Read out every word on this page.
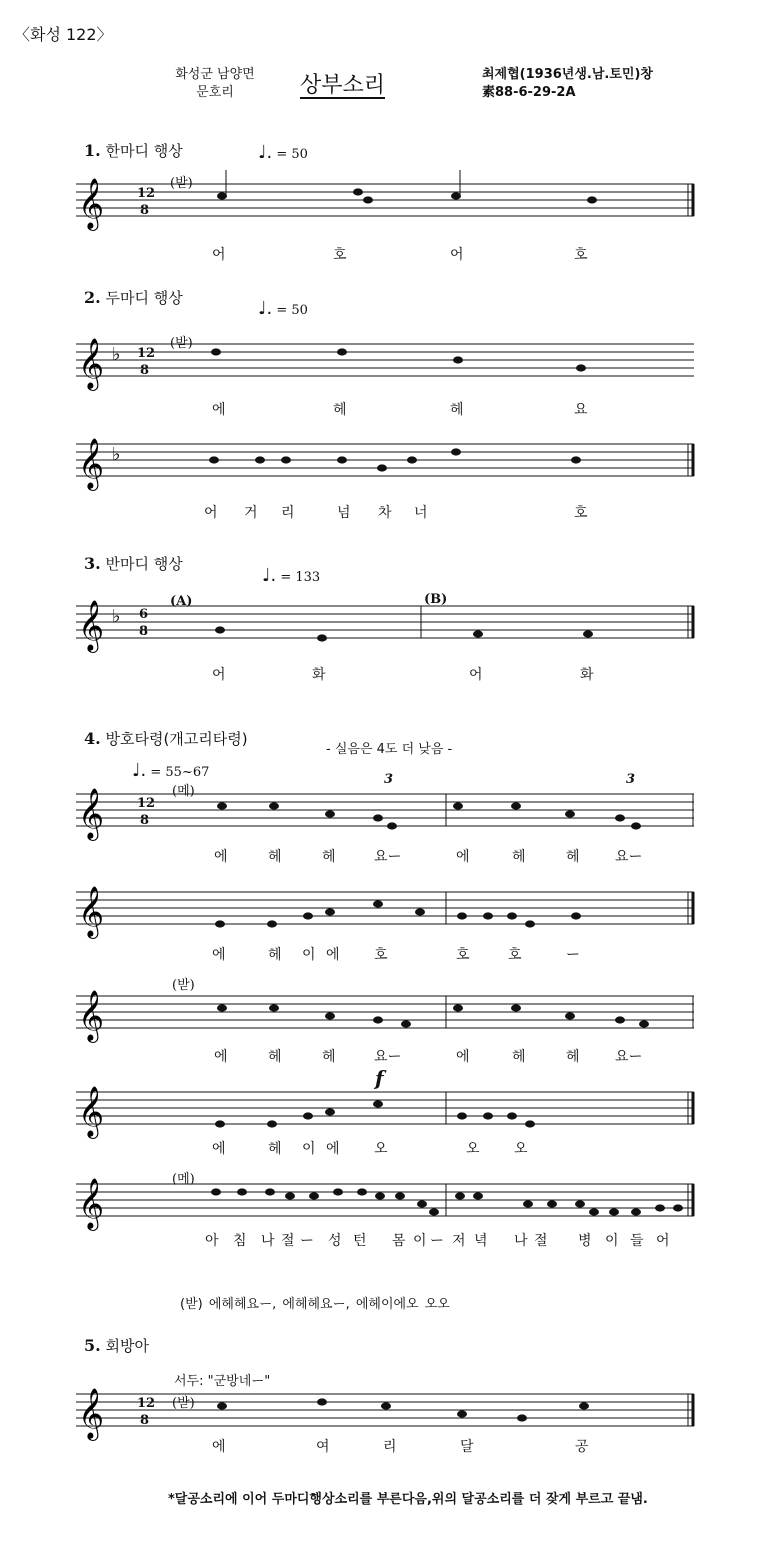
〈화성 122〉
화성군 남양면
문호리	상부소리	최제협(1936년생.남.토민)창
素88-6-29-2A
1. 한마디 행상	♩. = 50
(받)
𝄞	12
8
어	호	어	호
2. 두마디 행상	♩. = 50
(받)
𝄞 ♭ 12
8
에	헤	헤	요
𝄞 ♭
어 거 리	넘 차 너	호
3. 반마디 행상
♩. = 133
(A)	(B)
𝄞 ♭ 6
8
어	화	어	화
4. 방호타령(개고리타령)
- 실음은 4도 더 낮음 -
♩. = 55~67
(메)
3	3
𝄞	12
8
에	헤	헤	요ー	에	헤	헤	요ー
𝄞
에	헤 이 에 호	호	호	ー
(받)
𝄞
에	헤	헤	요ー	에	헤	헤	요ー
f
𝄞
에	헤 이 에 오	오 오
(메)
𝄞
아 침 나 절 ー 성 턴 몸 이 ー 저 녁 나 절 병 이 들 어
(받) 에헤헤요ー, 에헤헤요ー, 에헤이에오 오오
5. 회방아
서두: "군방네ー"
(받)
𝄞	12
8
에	여	리	달	공
*달공소리에 이어 두마디행상소리를 부른다음,위의 달공소리를 더 잦게 부르고 끝냄.
